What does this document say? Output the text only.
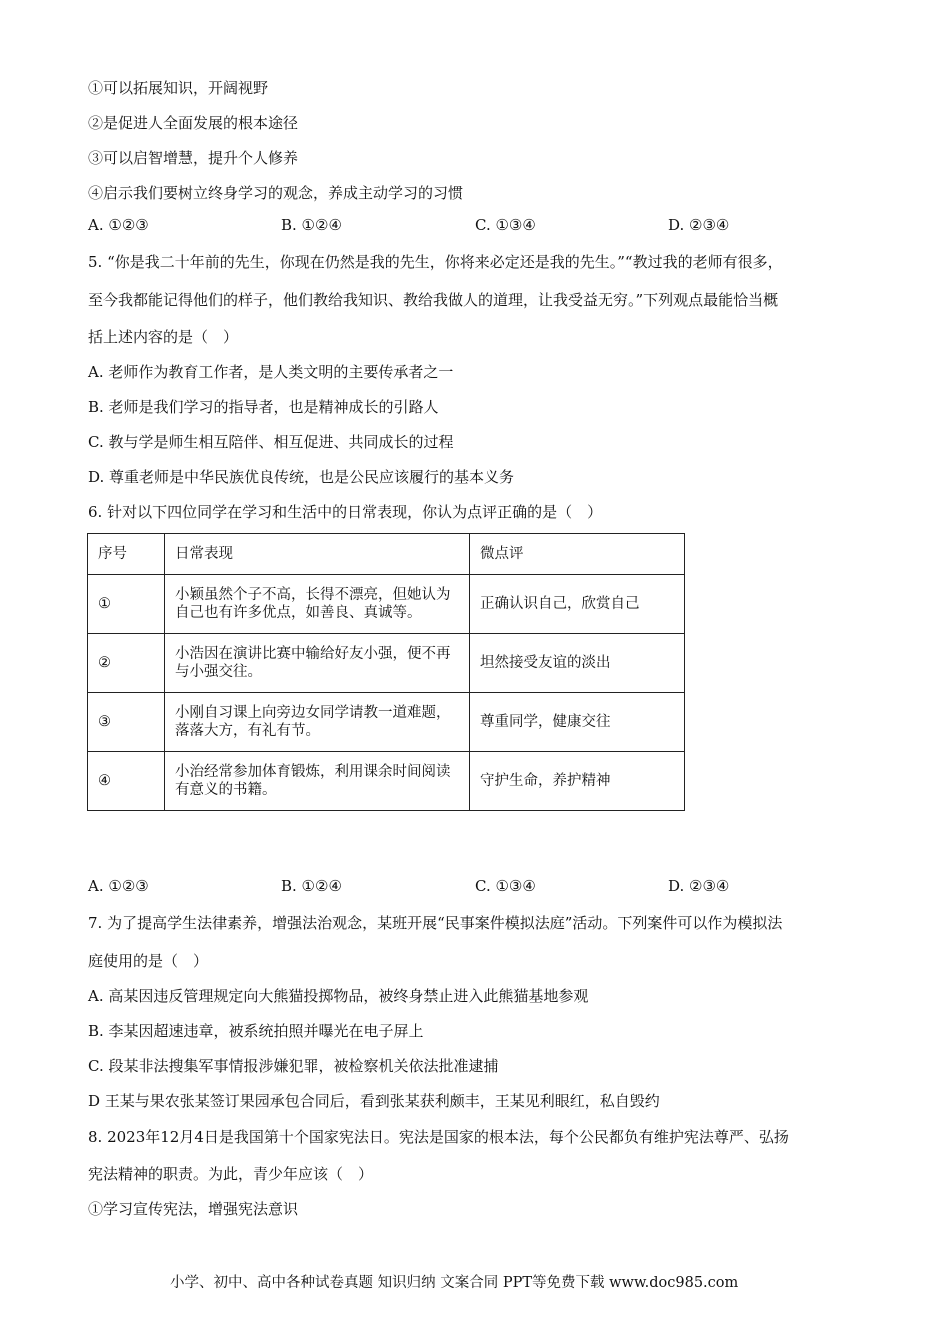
①可以拓展知识，开阔视野
②是促进人全面发展的根本途径
③可以启智增慧，提升个人修养
④启示我们要树立终身学习的观念，养成主动学习的习惯
A. ①②③	B. ①②④	C. ①③④	D. ②③④
5. “你是我二十年前的先生，你现在仍然是我的先生，你将来必定还是我的先生。”“教过我的老师有很多，
至今我都能记得他们的样子，他们教给我知识、教给我做人的道理，让我受益无穷。”下列观点最能恰当概
括上述内容的是（　）
A. 老师作为教育工作者，是人类文明的主要传承者之一
B. 老师是我们学习的指导者，也是精神成长的引路人
C. 教与学是师生相互陪伴、相互促进、共同成长的过程
D. 尊重老师是中华民族优良传统，也是公民应该履行的基本义务
6. 针对以下四位同学在学习和生活中的日常表现，你认为点评正确的是（　）
序号	日常表现	微点评
①	小颖虽然个子不高，长得不漂亮，但她认为自己也有许多优点，如善良、真诚等。	正确认识自己，欣赏自己
②	小浩因在演讲比赛中输给好友小强，便不再与小强交往。	坦然接受友谊的淡出
③	小刚自习课上向旁边女同学请教一道难题，落落大方，有礼有节。	尊重同学，健康交往
④	小治经常参加体育锻炼，利用课余时间阅读有意义的书籍。	守护生命，养护精神
A. ①②③	B. ①②④	C. ①③④	D. ②③④
7. 为了提高学生法律素养，增强法治观念，某班开展“民事案件模拟法庭”活动。下列案件可以作为模拟法
庭使用的是（　）
A. 高某因违反管理规定向大熊猫投掷物品，被终身禁止进入此熊猫基地参观
B. 李某因超速违章，被系统拍照并曝光在电子屏上
C. 段某非法搜集军事情报涉嫌犯罪，被检察机关依法批准逮捕
D 王某与果农张某签订果园承包合同后，看到张某获利颇丰，王某见利眼红，私自毁约
8. 2023年12月4日是我国第十个国家宪法日。宪法是国家的根本法，每个公民都负有维护宪法尊严、弘扬
宪法精神的职责。为此，青少年应该（　）
①学习宣传宪法，增强宪法意识
小学、初中、高中各种试卷真题 知识归纳 文案合同 PPT等免费下载 www.doc985.com
